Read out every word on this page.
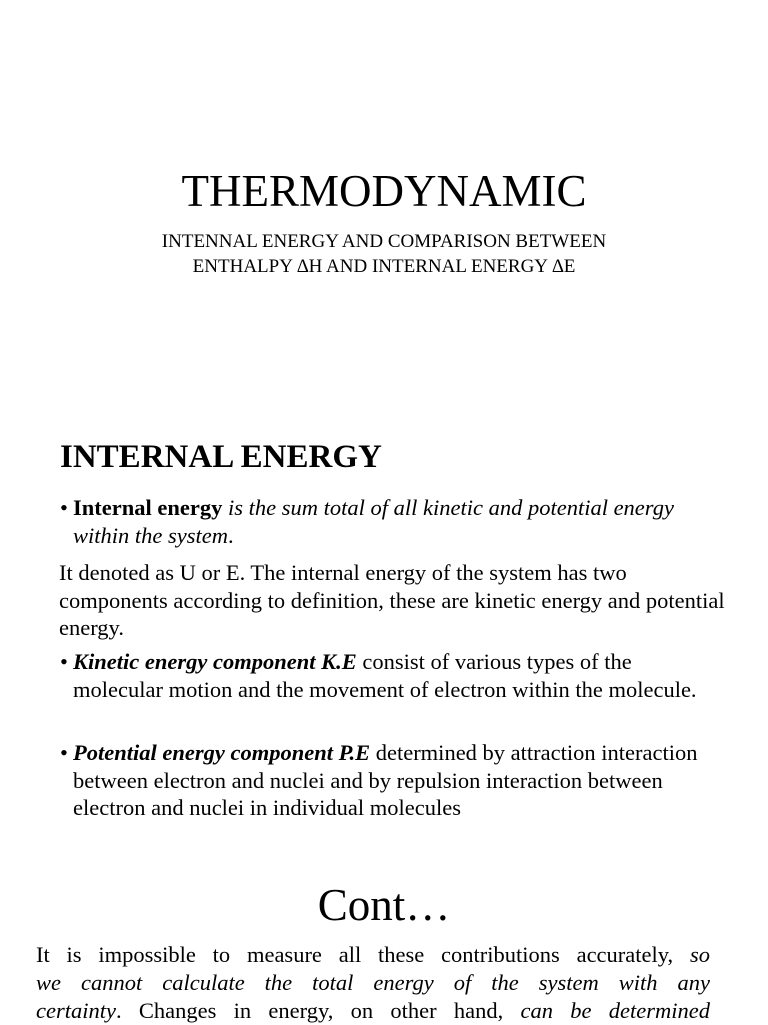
THERMODYNAMIC
INTENNAL ENERGY AND COMPARISON BETWEEN
ENTHALPY ∆H AND INTERNAL ENERGY ∆E
INTERNAL ENERGY
• Internal energy is the sum total of all kinetic and potential energy within the system.
It denoted as U or E. The internal energy of the system has two components according to definition, these are kinetic energy and potential energy.
• Kinetic energy component K.E consist of various types of the molecular motion and the movement of electron within the molecule.
• Potential energy component P.E determined by attraction interaction between electron and nuclei and by repulsion interaction between electron and nuclei in individual molecules
Cont…
It is impossible to measure all these contributions accurately, so
we cannot calculate the total energy of the system with any
certainty. Changes in energy, on other hand, can be determined
